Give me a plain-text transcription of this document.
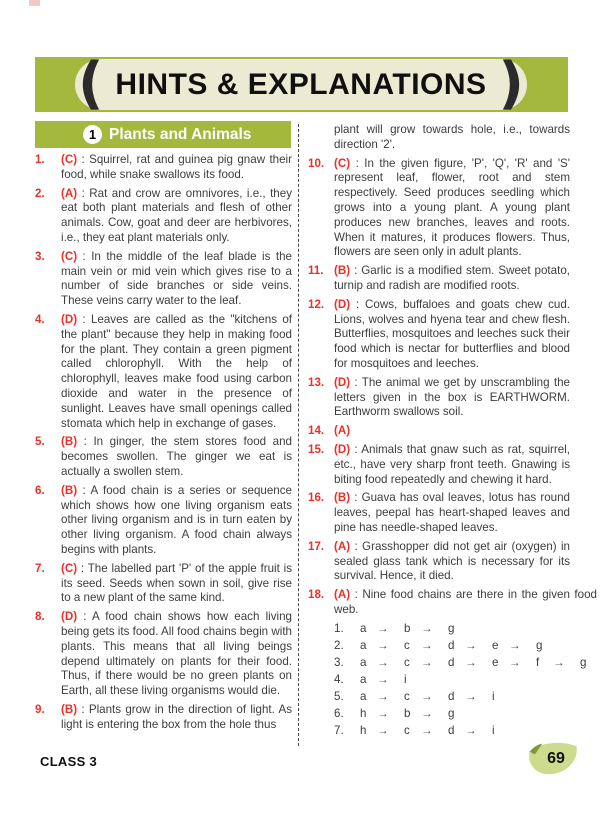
(	)
HINTS & EXPLANATIONS
1 Plants and Animals
1.	(C) : Squirrel, rat and guinea pig gnaw their food, while snake swallows its food.
2.	(A) : Rat and crow are omnivores, i.e., they eat both plant materials and flesh of other animals. Cow, goat and deer are herbivores, i.e., they eat plant materials only.
3.	(C) : In the middle of the leaf blade is the main vein or mid vein which gives rise to a number of side branches or side veins. These veins carry water to the leaf.
4.	(D) : Leaves are called as the "kitchens of the plant" because they help in making food for the plant. They contain a green pigment called chlorophyll. With the help of chlorophyll, leaves make food using carbon dioxide and water in the presence of sunlight. Leaves have small openings called stomata which help in exchange of gases.
5.	(B) : In ginger, the stem stores food and becomes swollen. The ginger we eat is actually a swollen stem.
6.	(B) : A food chain is a series or sequence which shows how one living organism eats other living organism and is in turn eaten by other living organism. A food chain always begins with plants.
7.	(C) : The labelled part 'P' of the apple fruit is its seed. Seeds when sown in soil, give rise to a new plant of the same kind.
8.	(D) : A food chain shows how each living being gets its food. All food chains begin with plants. This means that all living beings depend ultimately on plants for their food. Thus, if there would be no green plants on Earth, all these living organisms would die.
9.	(B) : Plants grow in the direction of light. As light is entering the box from the hole thus
plant will grow towards hole, i.e., towards direction '2'.
10. (C) : In the given figure, 'P', 'Q', 'R' and 'S' represent leaf, flower, root and stem respectively. Seed produces seedling which grows into a young plant. A young plant produces new branches, leaves and roots. When it matures, it produces flowers. Thus, flowers are seen only in adult plants.
11. (B) : Garlic is a modified stem. Sweet potato, turnip and radish are modified roots.
12. (D) : Cows, buffaloes and goats chew cud. Lions, wolves and hyena tear and chew flesh. Butterflies, mosquitoes and leeches suck their food which is nectar for butterflies and blood for mosquitoes and leeches.
13. (D) : The animal we get by unscrambling the letters given in the box is EARTHWORM. Earthworm swallows soil.
14. (A)
15. (D) : Animals that gnaw such as rat, squirrel, etc., have very sharp front teeth. Gnawing is biting food repeatedly and chewing it hard.
16. (B) : Guava has oval leaves, lotus has round leaves, peepal has heart-shaped leaves and pine has needle-shaped leaves.
17. (A) : Grasshopper did not get air (oxygen) in sealed glass tank which is necessary for its survival. Hence, it died.
18. (A) : Nine food chains are there in the given food web.
1.	a →	b →	g
2.	a →	c →	d →	e →	g
3.	a →	c →	d →	e →	f	→	g
4.	a →	i
5.	a →	c →	d →	i
6.	h →	b →	g
7.	h →	c →	d →	i
CLASS 3	69
